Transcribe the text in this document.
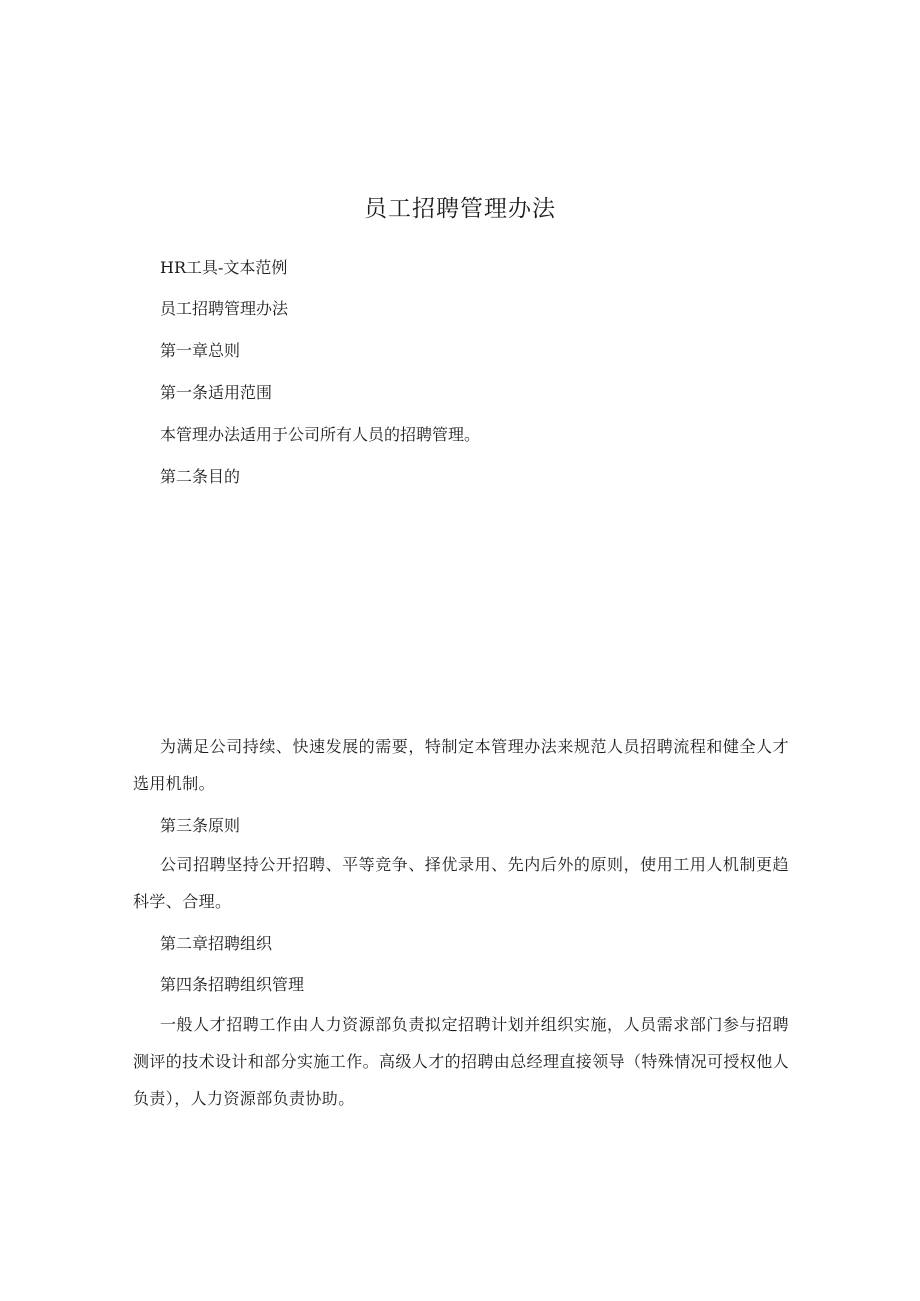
员工招聘管理办法
HR工具-文本范例
员工招聘管理办法
第一章总则
第一条适用范围
本管理办法适用于公司所有人员的招聘管理。
第二条目的
为满足公司持续、快速发展的需要，特制定本管理办法来规范人员招聘流程和健全人才选用机制。
第三条原则
公司招聘坚持公开招聘、平等竞争、择优录用、先内后外的原则，使用工用人机制更趋科学、合理。
第二章招聘组织
第四条招聘组织管理
一般人才招聘工作由人力资源部负责拟定招聘计划并组织实施，人员需求部门参与招聘测评的技术设计和部分实施工作。高级人才的招聘由总经理直接领导（特殊情况可授权他人负责），人力资源部负责协助。
